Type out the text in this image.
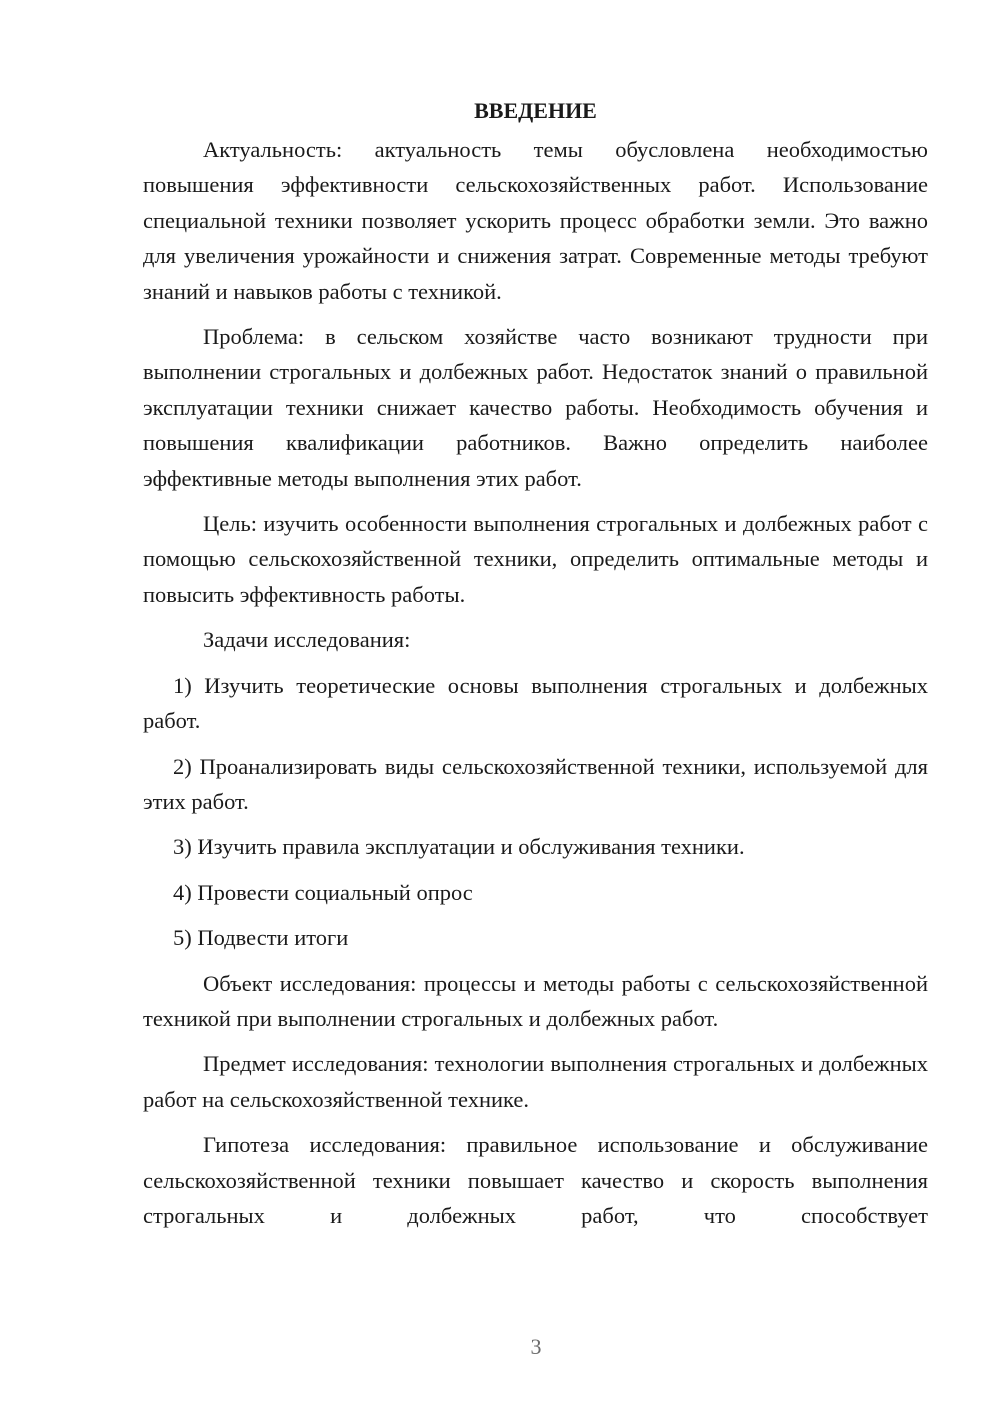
ВВЕДЕНИЕ

Актуальность: актуальность темы обусловлена необходимостью повышения эффективности сельскохозяйственных работ. Использование специальной техники позволяет ускорить процесс обработки земли. Это важно для увеличения урожайности и снижения затрат. Современные методы требуют знаний и навыков работы с техникой.

Проблема: в сельском хозяйстве часто возникают трудности при выполнении строгальных и долбежных работ. Недостаток знаний о правильной эксплуатации техники снижает качество работы. Необходимость обучения и повышения квалификации работников. Важно определить наиболее эффективные методы выполнения этих работ.

Цель: изучить особенности выполнения строгальных и долбежных работ с помощью сельскохозяйственной техники, определить оптимальные методы и повысить эффективность работы.

Задачи исследования:

1) Изучить теоретические основы выполнения строгальных и долбежных работ.

2) Проанализировать виды сельскохозяйственной техники, используемой для этих работ.

3) Изучить правила эксплуатации и обслуживания техники.

4) Провести социальный опрос

5) Подвести итоги

Объект исследования: процессы и методы работы с сельскохозяйственной техникой при выполнении строгальных и долбежных работ.

Предмет исследования: технологии выполнения строгальных и долбежных работ на сельскохозяйственной технике.

Гипотеза исследования: правильное использование и обслуживание сельскохозяйственной техники повышает качество и скорость выполнения строгальных и долбежных работ, что способствует

3
